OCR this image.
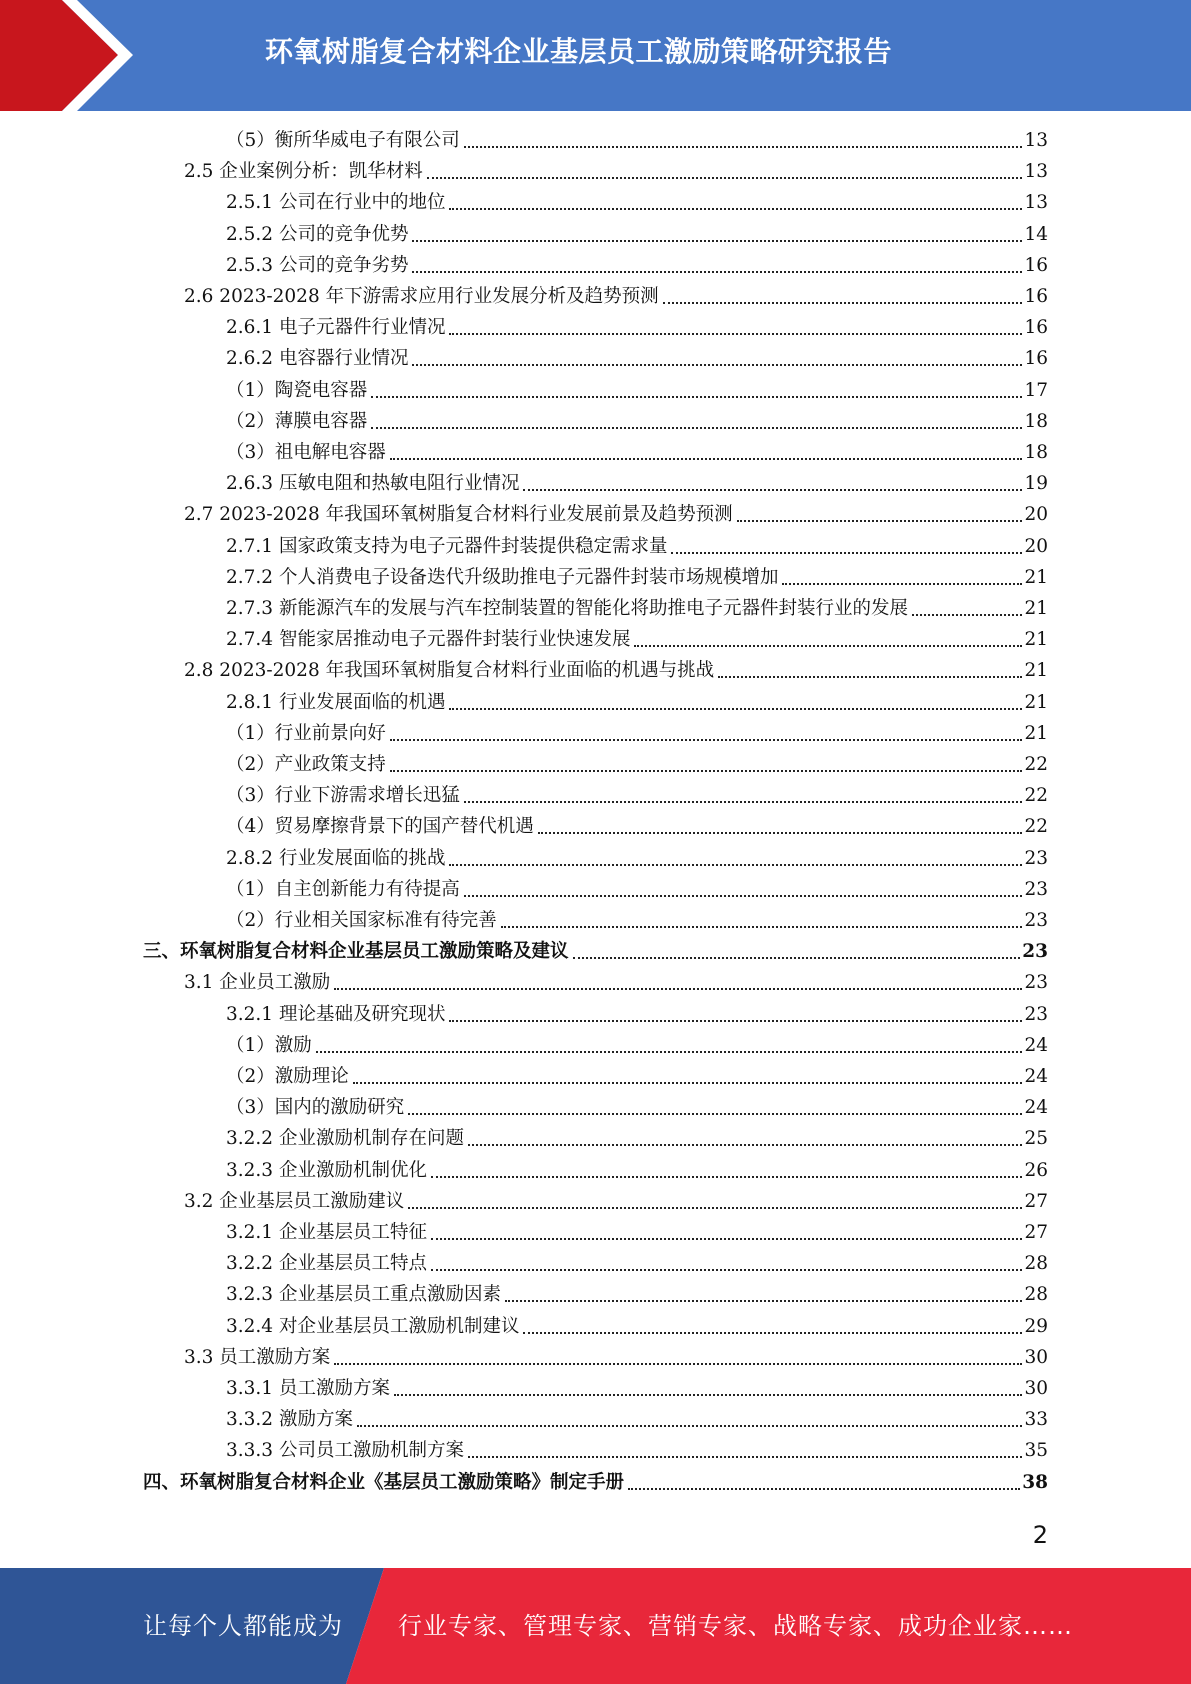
环氧树脂复合材料企业基层员工激励策略研究报告
（5）衡所华威电子有限公司	13
2.5 企业案例分析：凯华材料	13
2.5.1 公司在行业中的地位	13
2.5.2 公司的竞争优势	14
2.5.3 公司的竞争劣势	16
2.6 2023-2028 年下游需求应用行业发展分析及趋势预测	16
2.6.1 电子元器件行业情况	16
2.6.2 电容器行业情况	16
（1）陶瓷电容器	17
（2）薄膜电容器	18
（3）祖电解电容器	18
2.6.3 压敏电阻和热敏电阻行业情况	19
2.7 2023-2028 年我国环氧树脂复合材料行业发展前景及趋势预测	20
2.7.1 国家政策支持为电子元器件封装提供稳定需求量	20
2.7.2 个人消费电子设备迭代升级助推电子元器件封装市场规模增加	21
2.7.3 新能源汽车的发展与汽车控制装置的智能化将助推电子元器件封装行业的发展	21
2.7.4 智能家居推动电子元器件封装行业快速发展	21
2.8 2023-2028 年我国环氧树脂复合材料行业面临的机遇与挑战	21
2.8.1 行业发展面临的机遇	21
（1）行业前景向好	21
（2）产业政策支持	22
（3）行业下游需求增长迅猛	22
（4）贸易摩擦背景下的国产替代机遇	22
2.8.2 行业发展面临的挑战	23
（1）自主创新能力有待提高	23
（2）行业相关国家标准有待完善	23
三、环氧树脂复合材料企业基层员工激励策略及建议	23
3.1 企业员工激励	23
3.2.1 理论基础及研究现状	23
（1）激励	24
（2）激励理论	24
（3）国内的激励研究	24
3.2.2 企业激励机制存在问题	25
3.2.3 企业激励机制优化	26
3.2 企业基层员工激励建议	27
3.2.1 企业基层员工特征	27
3.2.2 企业基层员工特点	28
3.2.3 企业基层员工重点激励因素	28
3.2.4 对企业基层员工激励机制建议	29
3.3 员工激励方案	30
3.3.1 员工激励方案	30
3.3.2 激励方案	33
3.3.3 公司员工激励机制方案	35
四、环氧树脂复合材料企业《基层员工激励策略》制定手册	38
2
让每个人都能成为 行业专家、管理专家、营销专家、战略专家、成功企业家……
